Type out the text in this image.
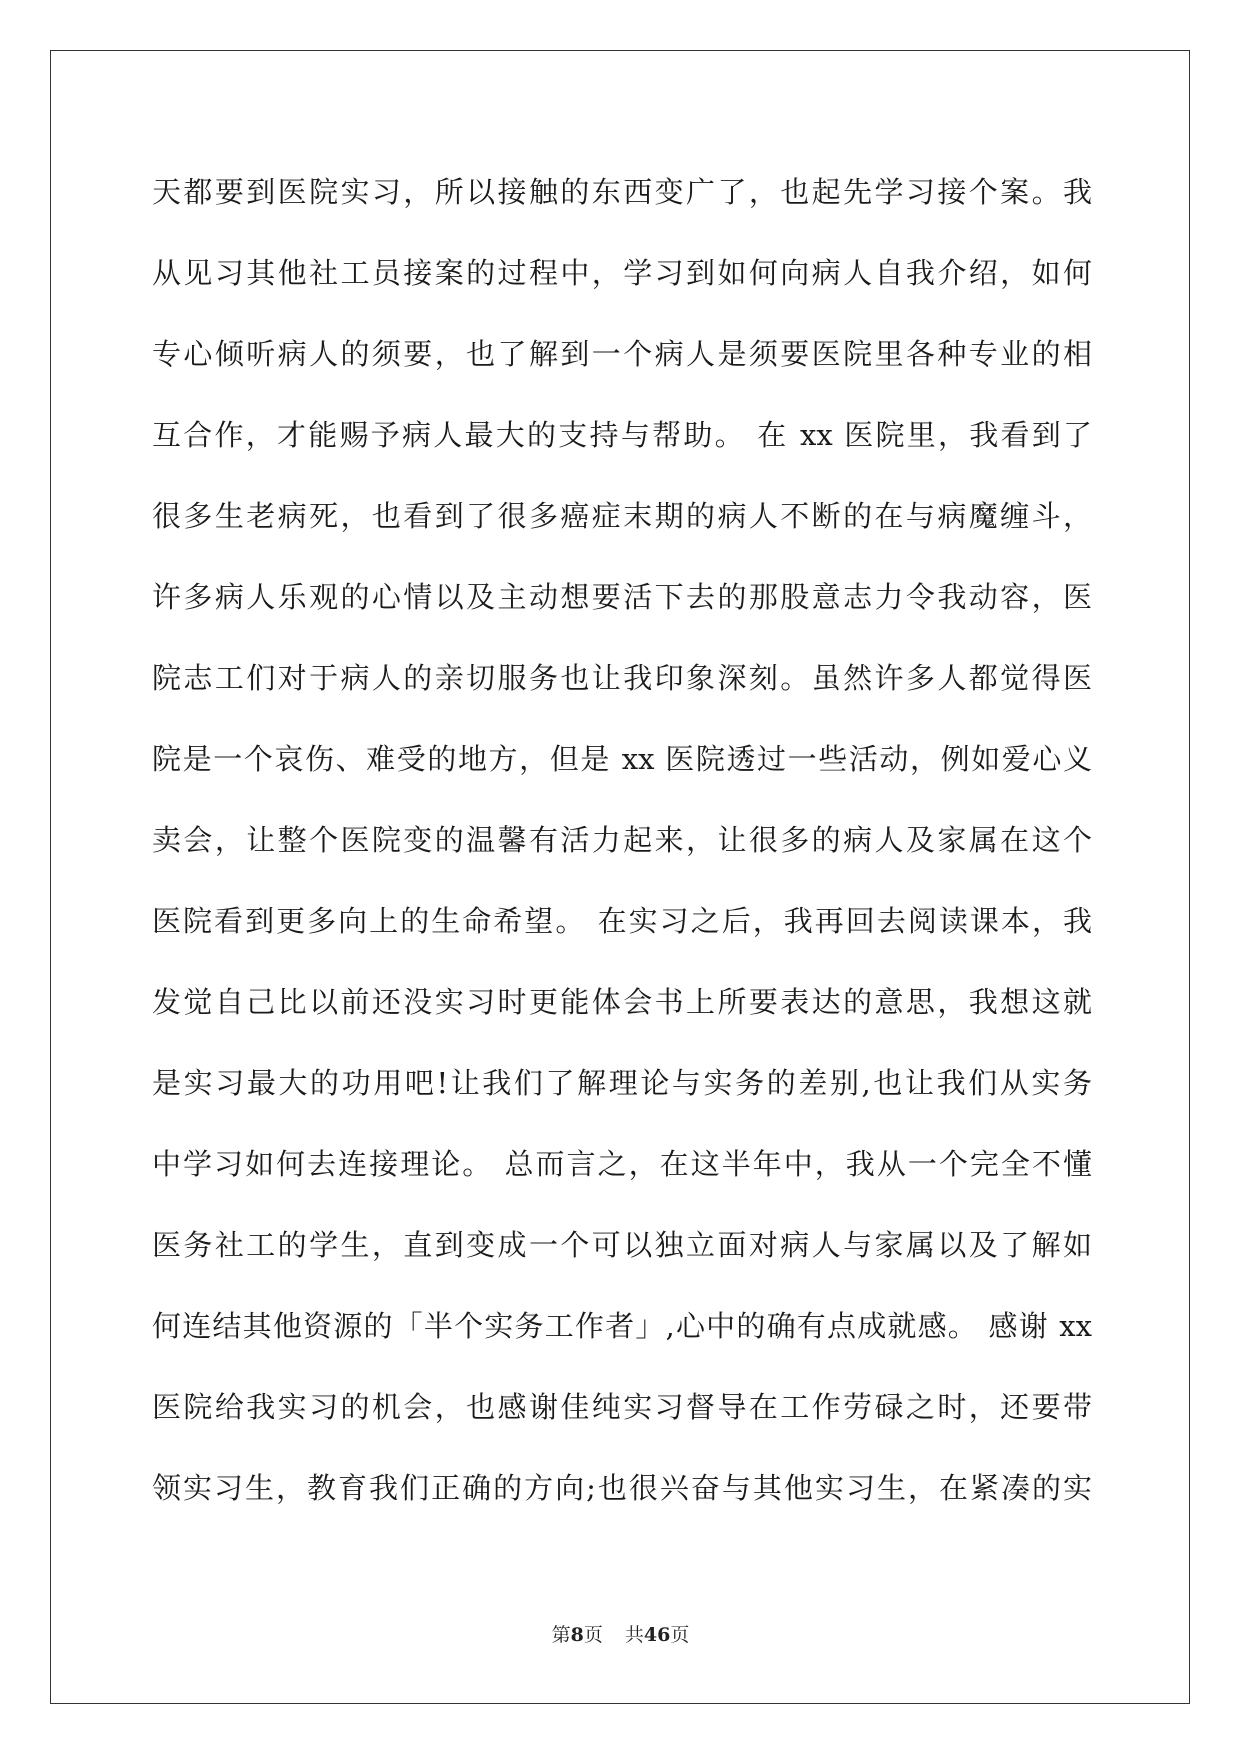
天都要到医院实习，所以接触的东西变广了，也起先学习接个案。我
从见习其他社工员接案的过程中，学习到如何向病人自我介绍，如何
专心倾听病人的须要，也了解到一个病人是须要医院里各种专业的相
互合作，才能赐予病人最大的支持与帮助。 在 xx 医院里，我看到了
很多生老病死，也看到了很多癌症末期的病人不断的在与病魔缠斗，
许多病人乐观的心情以及主动想要活下去的那股意志力令我动容，医
院志工们对于病人的亲切服务也让我印象深刻。虽然许多人都觉得医
院是一个哀伤、难受的地方，但是 xx 医院透过一些活动，例如爱心义
卖会，让整个医院变的温馨有活力起来，让很多的病人及家属在这个
医院看到更多向上的生命希望。 在实习之后，我再回去阅读课本，我
发觉自己比以前还没实习时更能体会书上所要表达的意思，我想这就
是实习最大的功用吧!让我们了解理论与实务的差别,也让我们从实务
中学习如何去连接理论。 总而言之，在这半年中，我从一个完全不懂
医务社工的学生，直到变成一个可以独立面对病人与家属以及了解如
何连结其他资源的「半个实务工作者」,心中的确有点成就感。 感谢 xx
医院给我实习的机会，也感谢佳纯实习督导在工作劳碌之时，还要带
领实习生，教育我们正确的方向;也很兴奋与其他实习生，在紧凑的实
第8页 共46页
